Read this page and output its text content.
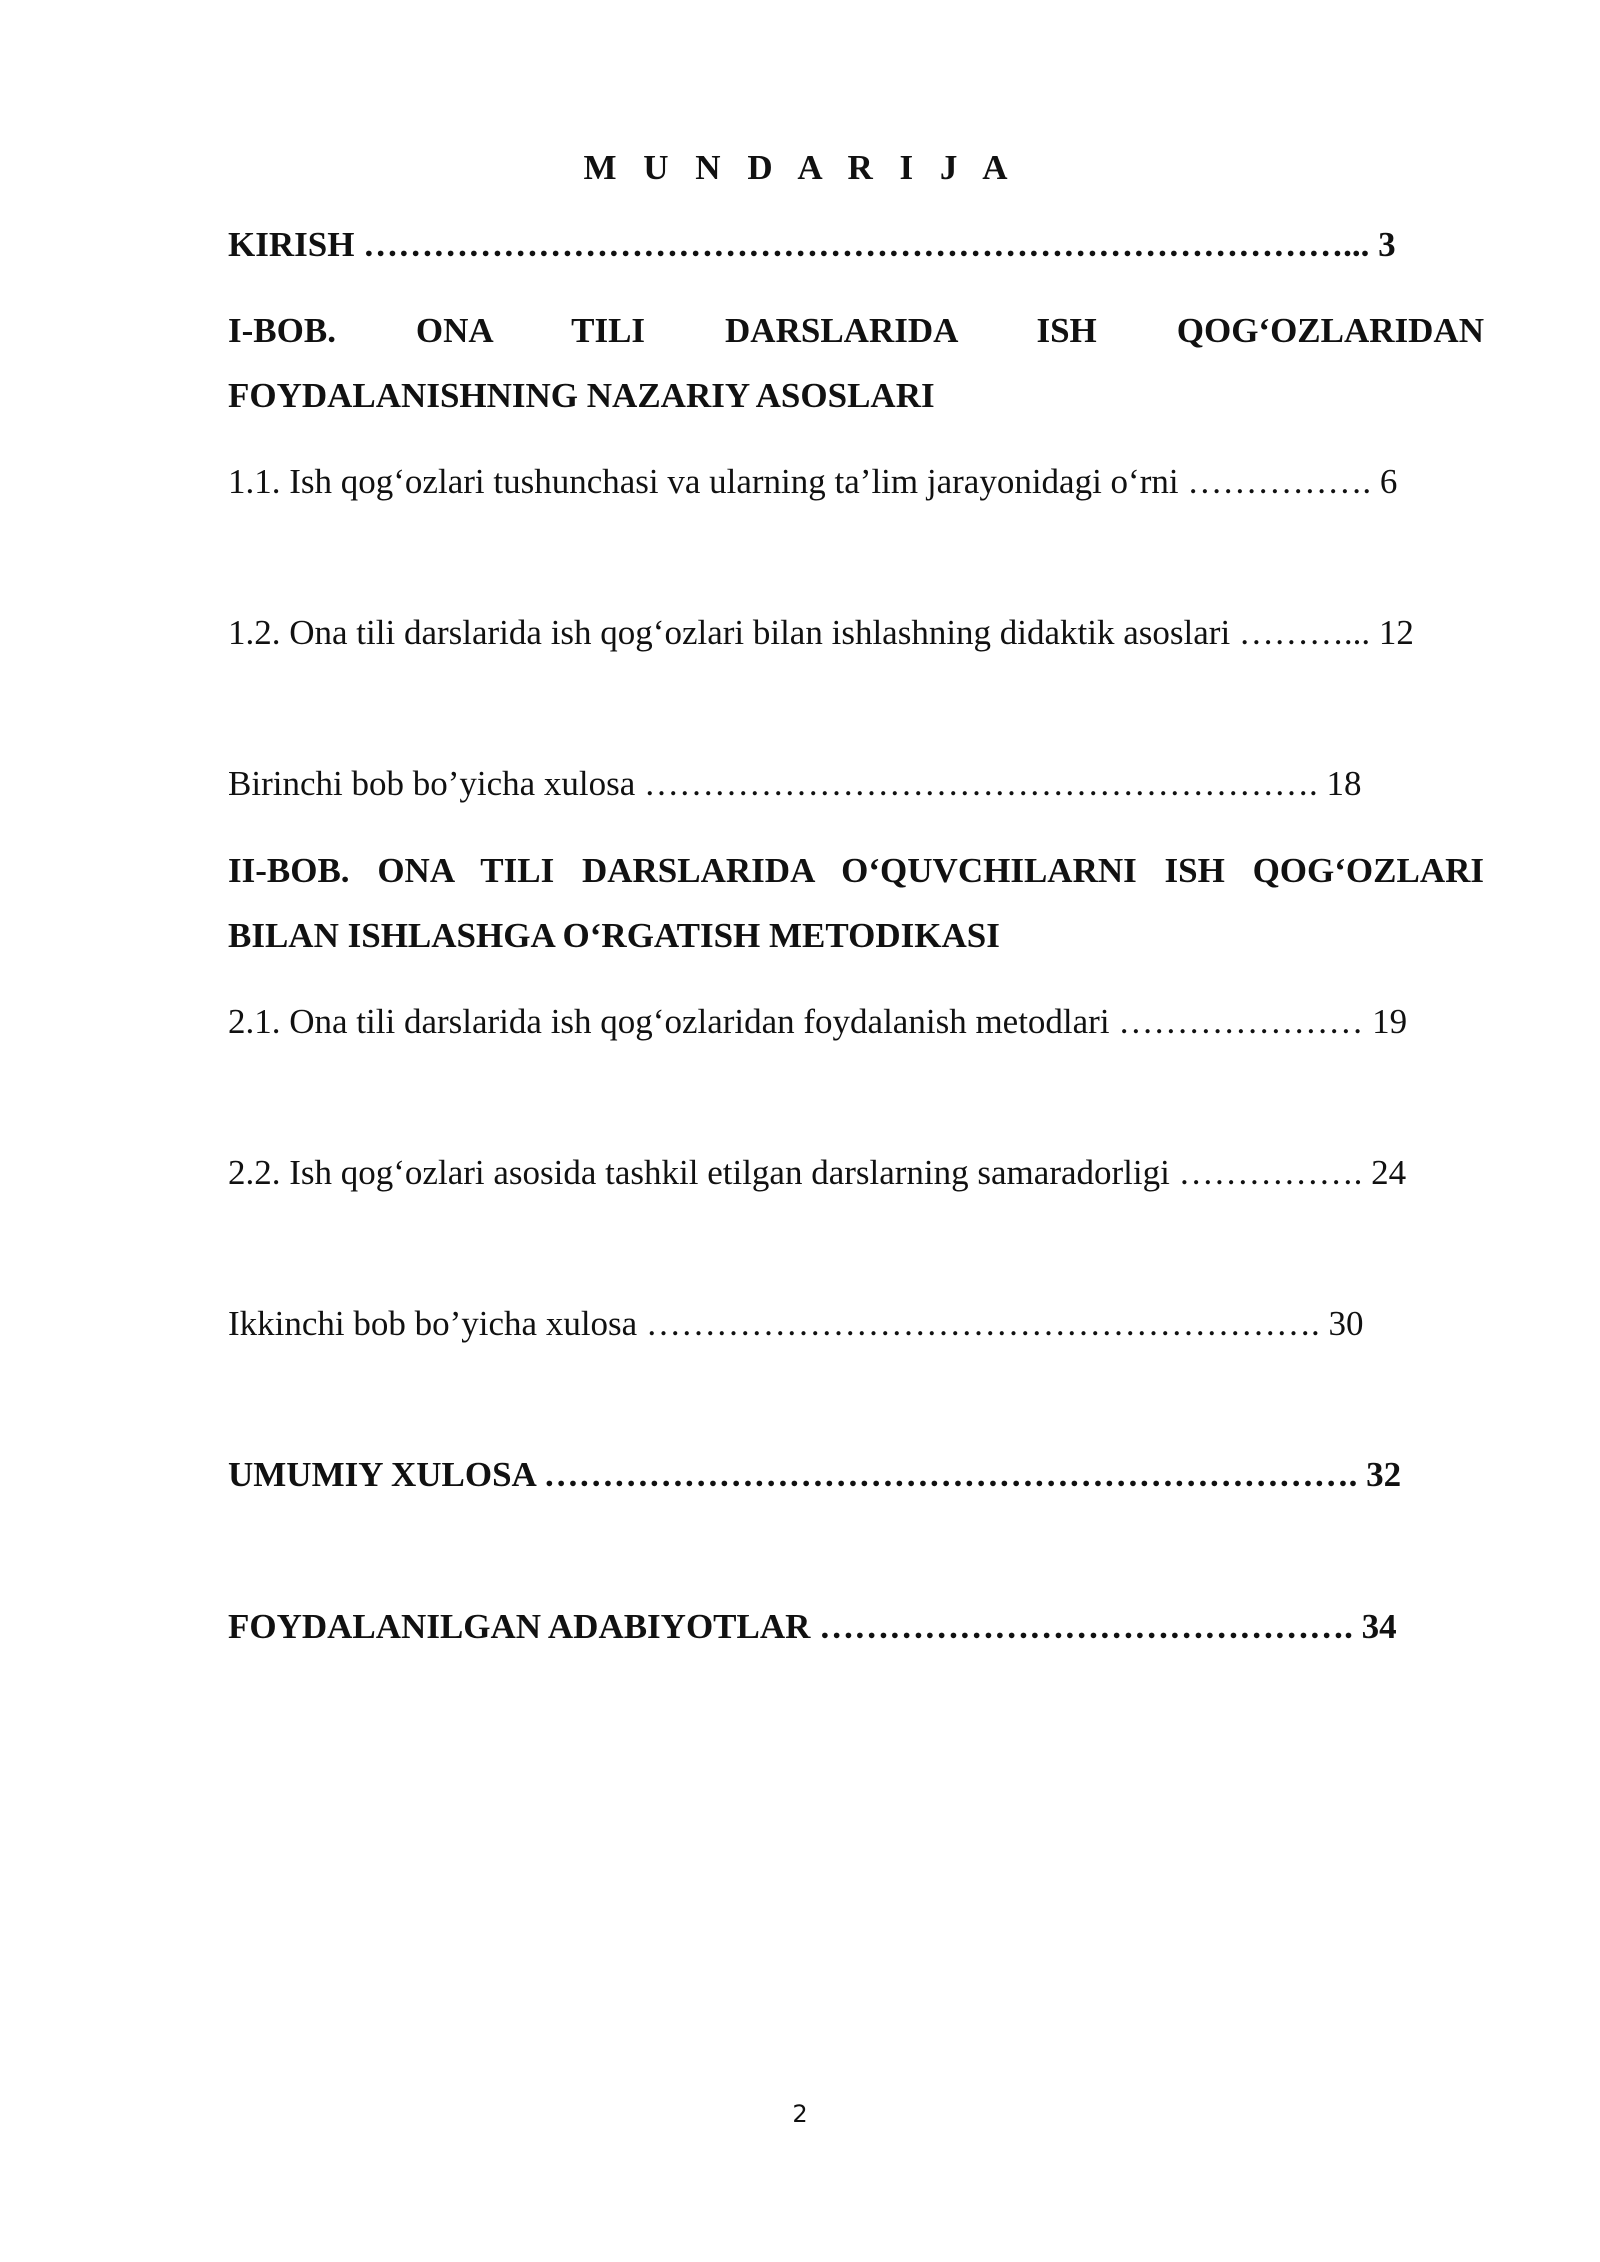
M U N D A R I J A

KIRISH …………………………………………………………………………... 3

I-BOB. ONA TILI DARSLARIDA ISH QOG‘OZLARIDAN FOYDALANISHNING NAZARIY ASOSLARI

1.1. Ish qog‘ozlari tushunchasi va ularning ta’lim jarayonidagi o‘rni ……………. 6

1.2. Ona tili darslarida ish qog‘ozlari bilan ishlashning didaktik asoslari ………... 12

Birinchi bob bo’yicha xulosa …………………………………………………. 18

II-BOB. ONA TILI DARSLARIDA O‘QUVCHILARNI ISH QOG‘OZLARI BILAN ISHLASHGA O‘RGATISH METODIKASI

2.1. Ona tili darslarida ish qog‘ozlaridan foydalanish metodlari ………………… 19

2.2. Ish qog‘ozlari asosida tashkil etilgan darslarning samaradorligi ……………. 24

Ikkinchi bob bo’yicha xulosa …………………………………………………. 30

UMUMIY XULOSA ……………………………………………………………. 32

FOYDALANILGAN ADABIYOTLAR ………………………………………. 34

2
